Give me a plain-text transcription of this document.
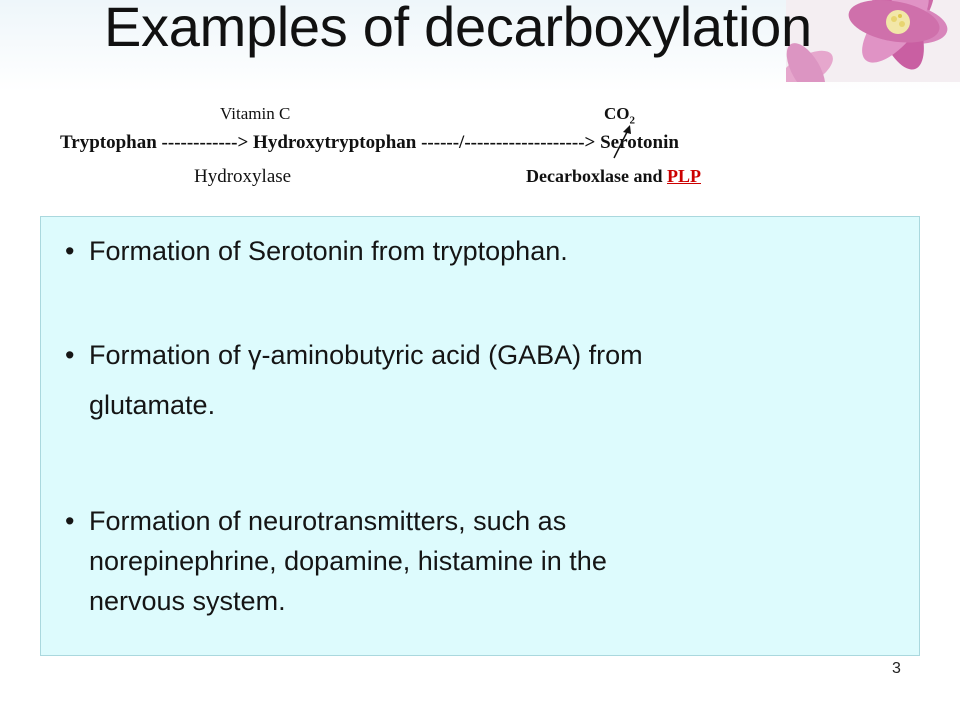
Examples of decarboxylation
Vitamin C	$CO_2$
Tryptophan ------------> Hydroxytryptophan ------/-------------------> Serotonin
Hydroxylase	Decarboxlase and PLP
• Formation of Serotonin from tryptophan.
• Formation of γ-aminobutyric acid (GABA) from
glutamate.
• Formation of neurotransmitters, such as
norepinephrine, dopamine, histamine in the
nervous system.
3
